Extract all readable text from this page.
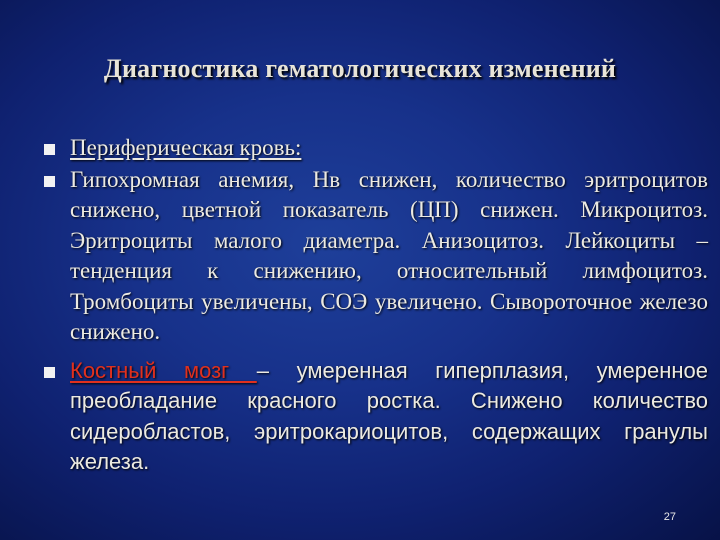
Диагностика гематологических изменений
Периферическая кровь:
Гипохромная анемия, Нв снижен, количество эритроцитов снижено, цветной показатель (ЦП) снижен. Микроцитоз. Эритроциты малого диаметра. Анизоцитоз. Лейкоциты – тенденция к снижению, относительный лимфоцитоз. Тромбоциты увеличены, СОЭ увеличено. Сывороточное железо снижено.
Костный мозг – умеренная гиперплазия, умеренное преобладание красного ростка. Снижено количество сидеробластов, эритрокариоцитов, содержащих гранулы железа.
27
